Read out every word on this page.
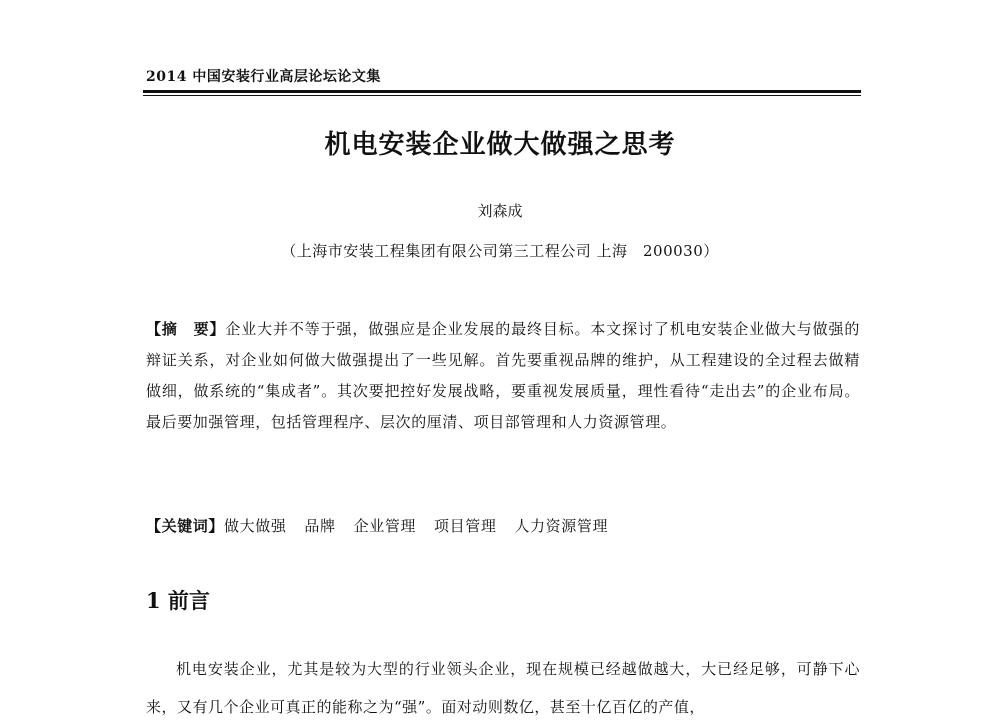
2014 中国安装行业高层论坛论文集
机电安装企业做大做强之思考
刘森成
（上海市安装工程集团有限公司第三工程公司 上海　200030）
【摘　要】企业大并不等于强，做强应是企业发展的最终目标。本文探讨了机电安装企业做大与做强的辩证关系，对企业如何做大做强提出了一些见解。首先要重视品牌的维护，从工程建设的全过程去做精做细，做系统的“集成者”。其次要把控好发展战略，要重视发展质量，理性看待“走出去”的企业布局。最后要加强管理，包括管理程序、层次的厘清、项目部管理和人力资源管理。
【关键词】做大做强 品牌 企业管理 项目管理 人力资源管理
1 前言
机电安装企业，尤其是较为大型的行业领头企业，现在规模已经越做越大，大已经足够，可静下心来，又有几个企业可真正的能称之为“强”。面对动则数亿，甚至十亿百亿的产值，
